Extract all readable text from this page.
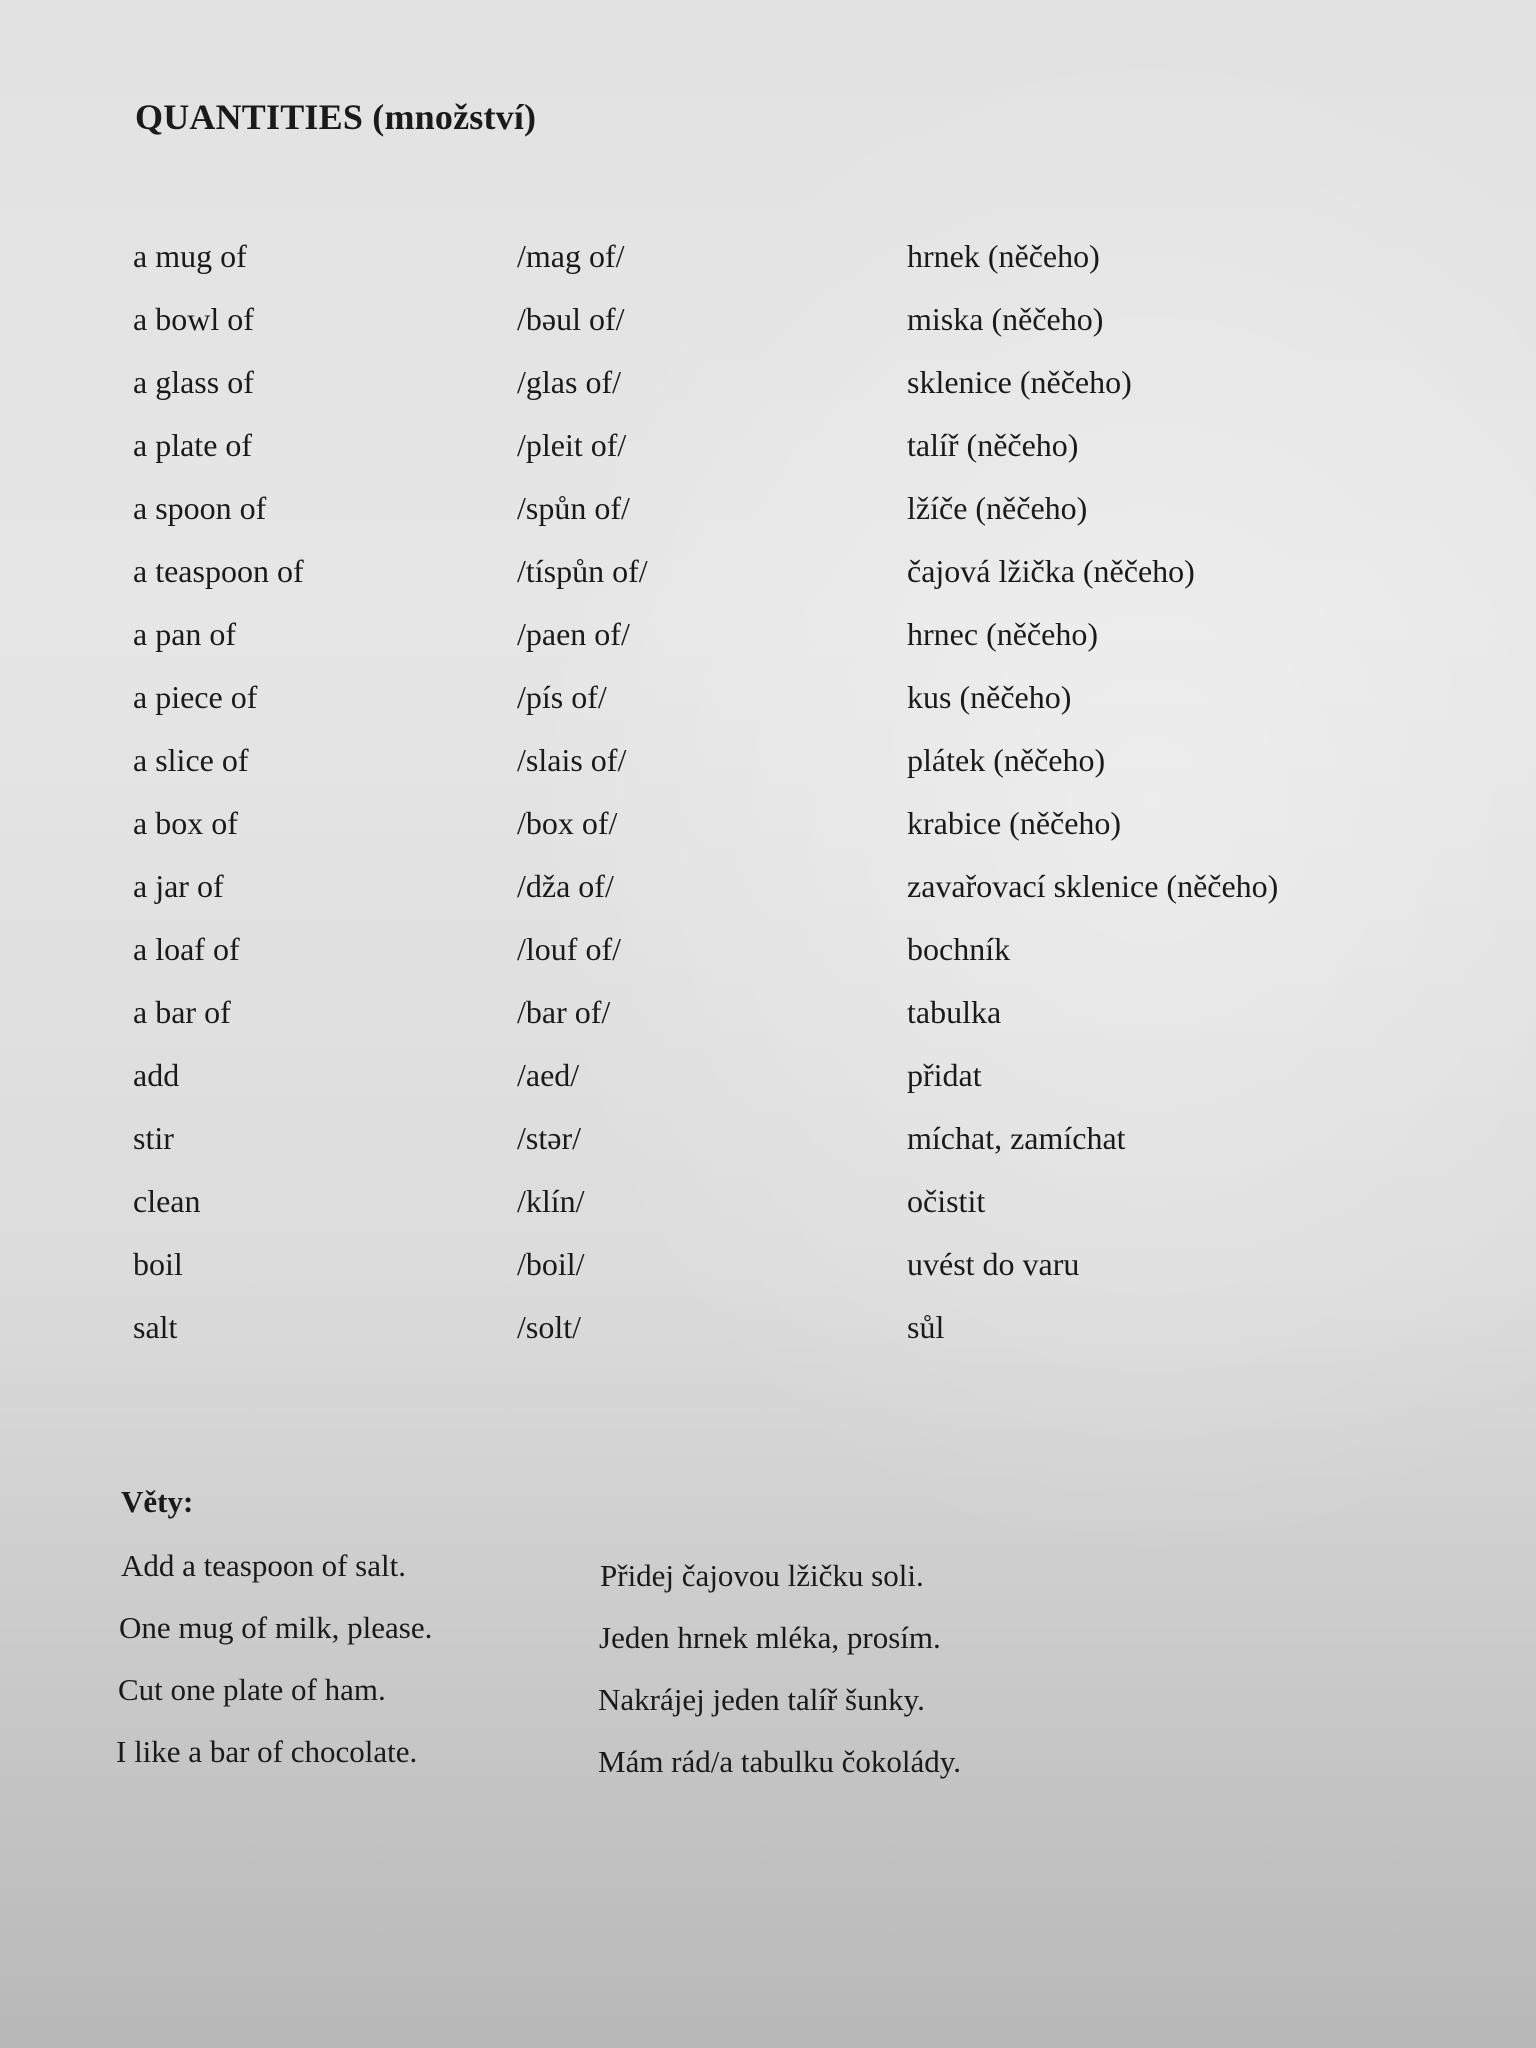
QUANTITIES (množství)
a mug of	/mag of/	hrnek (něčeho)
a bowl of	/bəul of/	miska (něčeho)
a glass of	/glas of/	sklenice (něčeho)
a plate of	/pleit of/	talíř (něčeho)
a spoon of	/spůn of/	lžíče (něčeho)
a teaspoon of	/tíspůn of/	čajová lžička (něčeho)
a pan of	/paen of/	hrnec (něčeho)
a piece of	/pís of/	kus (něčeho)
a slice of	/slais of/	plátek (něčeho)
a box of	/box of/	krabice (něčeho)
a jar of	/dža of/	zavařovací sklenice (něčeho)
a loaf of	/louf of/	bochník
a bar of	/bar of/	tabulka
add	/aed/	přidat
stir	/stər/	míchat, zamíchat
clean	/klín/	očistit
boil	/boil/	uvést do varu
salt	/solt/	sůl
Věty:
Add a teaspoon of salt.	Přidej čajovou lžičku soli.
One mug of milk, please.	Jeden hrnek mléka, prosím.
Cut one plate of ham.	Nakrájej jeden talíř šunky.
I like a bar of chocolate.	Mám rád/a tabulku čokolády.
